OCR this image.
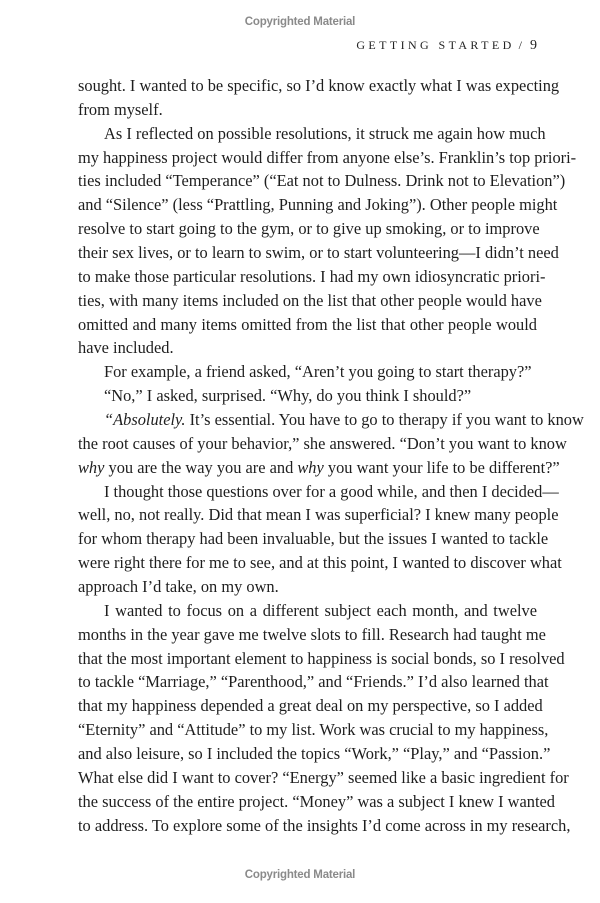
Copyrighted Material
GETTING STARTED / 9
sought. I wanted to be specific, so I’d know exactly what I was expecting
from myself.
As I reflected on possible resolutions, it struck me again how much
my happiness project would differ from anyone else’s. Franklin’s top priori-
ties included “Temperance” (“Eat not to Dulness. Drink not to Elevation”)
and “Silence” (less “Prattling, Punning and Joking”). Other people might
resolve to start going to the gym, or to give up smoking, or to improve
their sex lives, or to learn to swim, or to start volunteering—I didn’t need
to make those particular resolutions. I had my own idiosyncratic priori-
ties, with many items included on the list that other people would have
omitted and many items omitted from the list that other people would
have included.
For example, a friend asked, “Aren’t you going to start therapy?”
“No,” I asked, surprised. “Why, do you think I should?”
“Absolutely. It’s essential. You have to go to therapy if you want to know
the root causes of your behavior,” she answered. “Don’t you want to know
why you are the way you are and why you want your life to be different?”
I thought those questions over for a good while, and then I decided—
well, no, not really. Did that mean I was superficial? I knew many people
for whom therapy had been invaluable, but the issues I wanted to tackle
were right there for me to see, and at this point, I wanted to discover what
approach I’d take, on my own.
I wanted to focus on a different subject each month, and twelve
months in the year gave me twelve slots to fill. Research had taught me
that the most important element to happiness is social bonds, so I resolved
to tackle “Marriage,” “Parenthood,” and “Friends.” I’d also learned that
that my happiness depended a great deal on my perspective, so I added
“Eternity” and “Attitude” to my list. Work was crucial to my happiness,
and also leisure, so I included the topics “Work,” “Play,” and “Passion.”
What else did I want to cover? “Energy” seemed like a basic ingredient for
the success of the entire project. “Money” was a subject I knew I wanted
to address. To explore some of the insights I’d come across in my research,
Copyrighted Material
